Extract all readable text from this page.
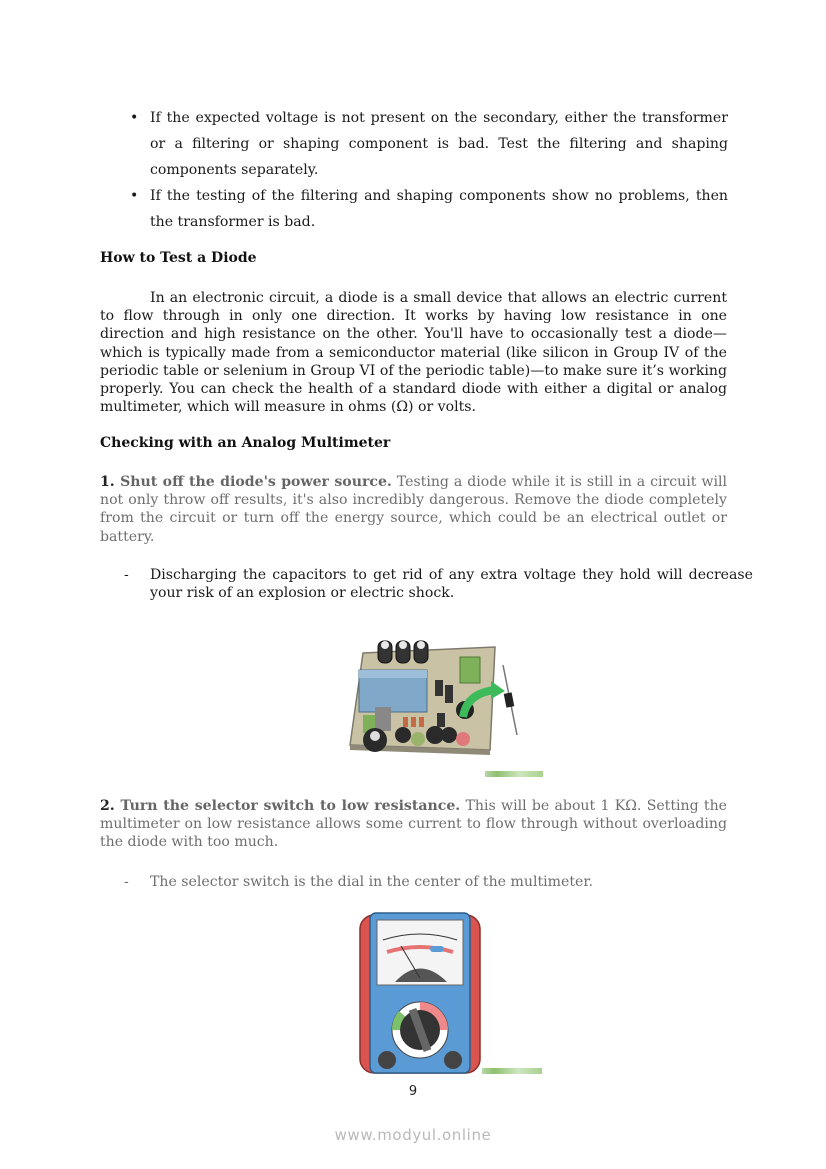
• If the expected voltage is not present on the secondary, either the transformer or a filtering or shaping component is bad. Test the filtering and shaping components separately.
• If the testing of the filtering and shaping components show no problems, then the transformer is bad.
How to Test a Diode

In an electronic circuit, a diode is a small device that allows an electric current to flow through in only one direction. It works by having low resistance in one direction and high resistance on the other. You'll have to occasionally test a diode—which is typically made from a semiconductor material (like silicon in Group IV of the periodic table or selenium in Group VI of the periodic table)—to make sure it’s working properly. You can check the health of a standard diode with either a digital or analog multimeter, which will measure in ohms (Ω) or volts.

Checking with an Analog Multimeter

1. Shut off the diode's power source. Testing a diode while it is still in a circuit will not only throw off results, it's also incredibly dangerous. Remove the diode completely from the circuit or turn off the energy source, which could be an electrical outlet or battery.

- Discharging the capacitors to get rid of any extra voltage they hold will decrease your risk of an explosion or electric shock.

2. Turn the selector switch to low resistance. This will be about 1 KΩ. Setting the multimeter on low resistance allows some current to flow through without overloading the diode with too much.

- The selector switch is the dial in the center of the multimeter.

9
www.modyul.online
